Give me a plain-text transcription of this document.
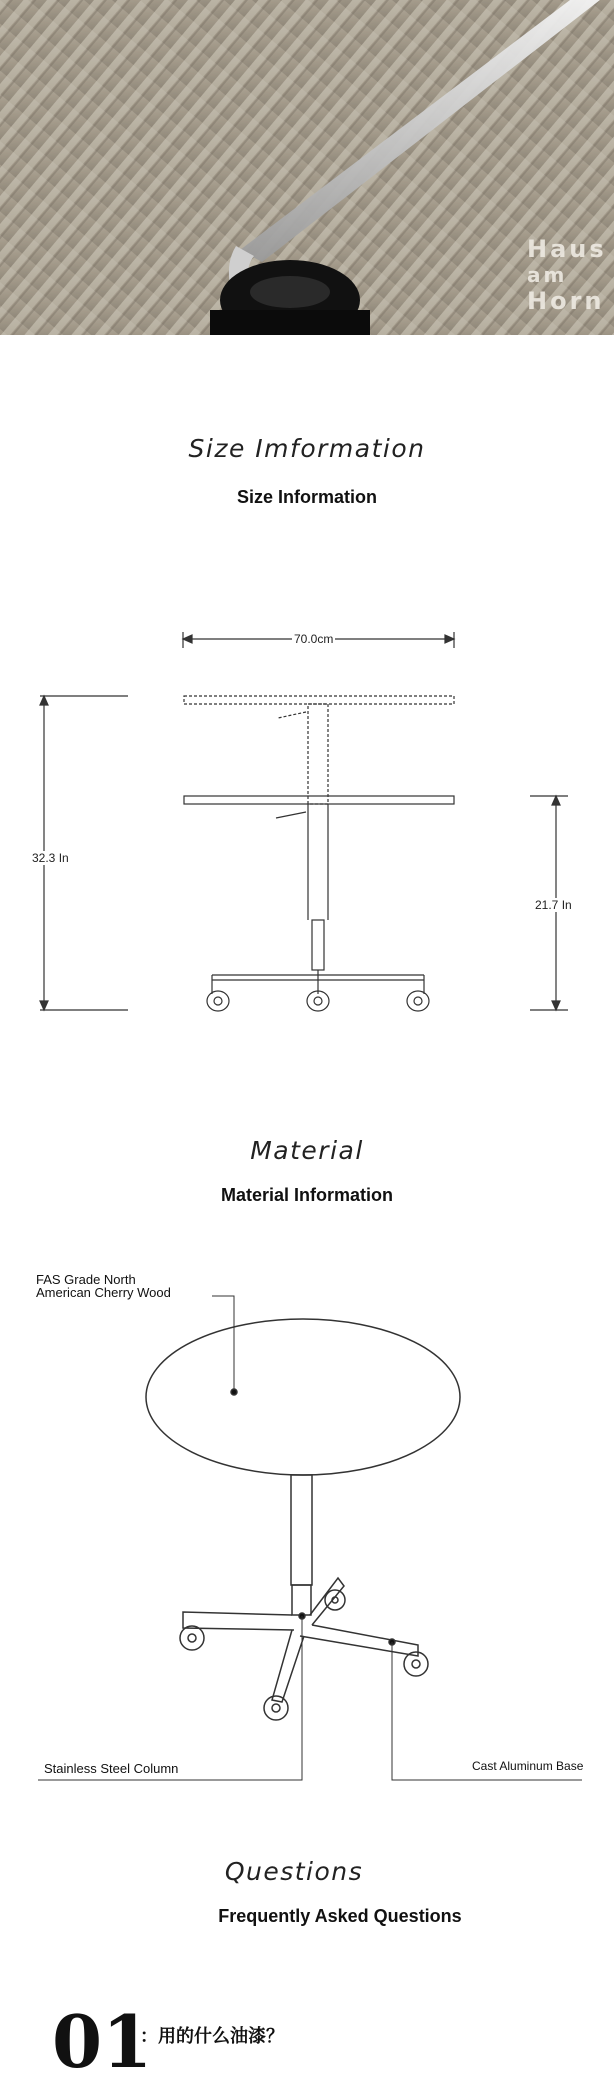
Haus
am
Horn
Size Imformation
Size Information
70.0cm
32.3 In
21.7 In
Material
Material Information
FAS Grade North
American Cherry Wood
Stainless Steel Column	Cast Aluminum Base
Questions
Frequently Asked Questions
01
：用的什么油漆？
